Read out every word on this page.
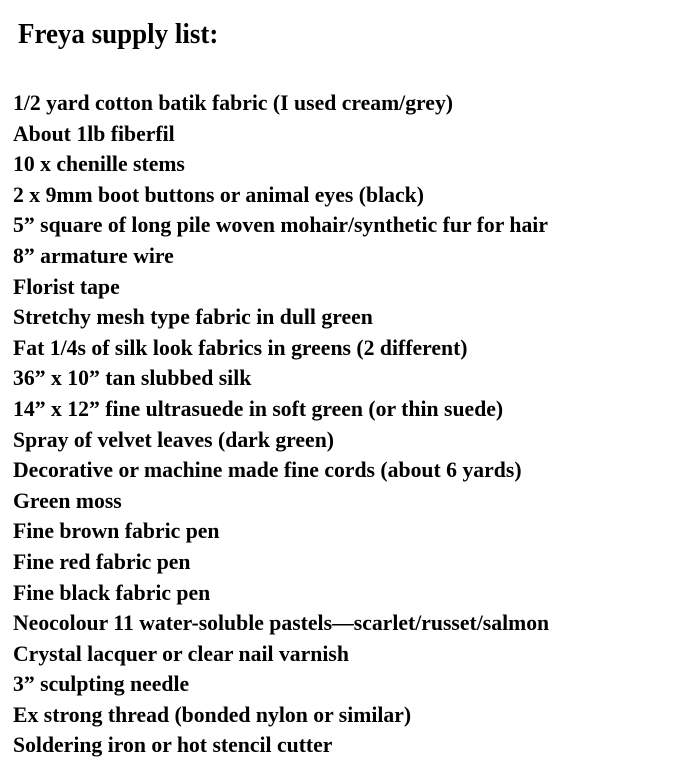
Freya supply list:
1/2 yard cotton batik fabric (I used cream/grey)
About 1lb fiberfil
10 x chenille stems
2 x 9mm boot buttons or animal eyes (black)
5” square of long pile woven mohair/synthetic fur for hair
8” armature wire
Florist tape
Stretchy mesh type fabric in dull green
Fat 1/4s of silk look fabrics in greens (2 different)
36” x 10” tan slubbed silk
14” x 12” fine ultrasuede in soft green (or thin suede)
Spray of velvet leaves (dark green)
Decorative or machine made fine cords (about 6 yards)
Green moss
Fine brown fabric pen
Fine red fabric pen
Fine black fabric pen
Neocolour 11 water-soluble pastels—scarlet/russet/salmon
Crystal lacquer or clear nail varnish
3” sculpting needle
Ex strong thread (bonded nylon or similar)
Soldering iron or hot stencil cutter
